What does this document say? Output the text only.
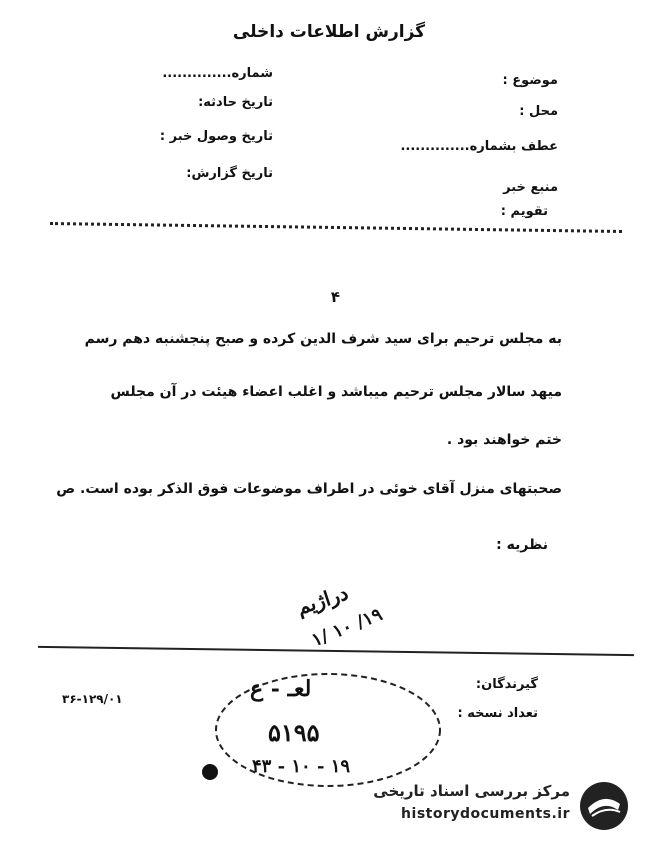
گزارش اطلاعات داخلی
شماره..............
تاریخ حادثه:
تاریخ وصول خبر :
تاریخ گزارش:
موضوع :
محل :
عطف بشماره..............
منبع خبر
تقویم :
۴
به مجلس ترحیم برای سید شرف الدین کرده و صبح پنجشنبه دهم رسم
میهد سالار مجلس ترحیم میباشد و اغلب اعضاء هیئت در آن مجلس
ختم خواهند بود .
صحبتهای منزل آقای خوئی در اطراف موضوعات فوق الذکر بوده است. ص
نظریه :
دراژیم
۱۹/ ۱۰ /۱
گیرندگان:
تعداد نسخه :
۳۶-۱۲۹/۰۱	لعـ - ع
۵۱۹۵
۱۹ - ۱۰ - ۴۳
مرکز بررسی اسناد تاریخی
historydocuments.ir
